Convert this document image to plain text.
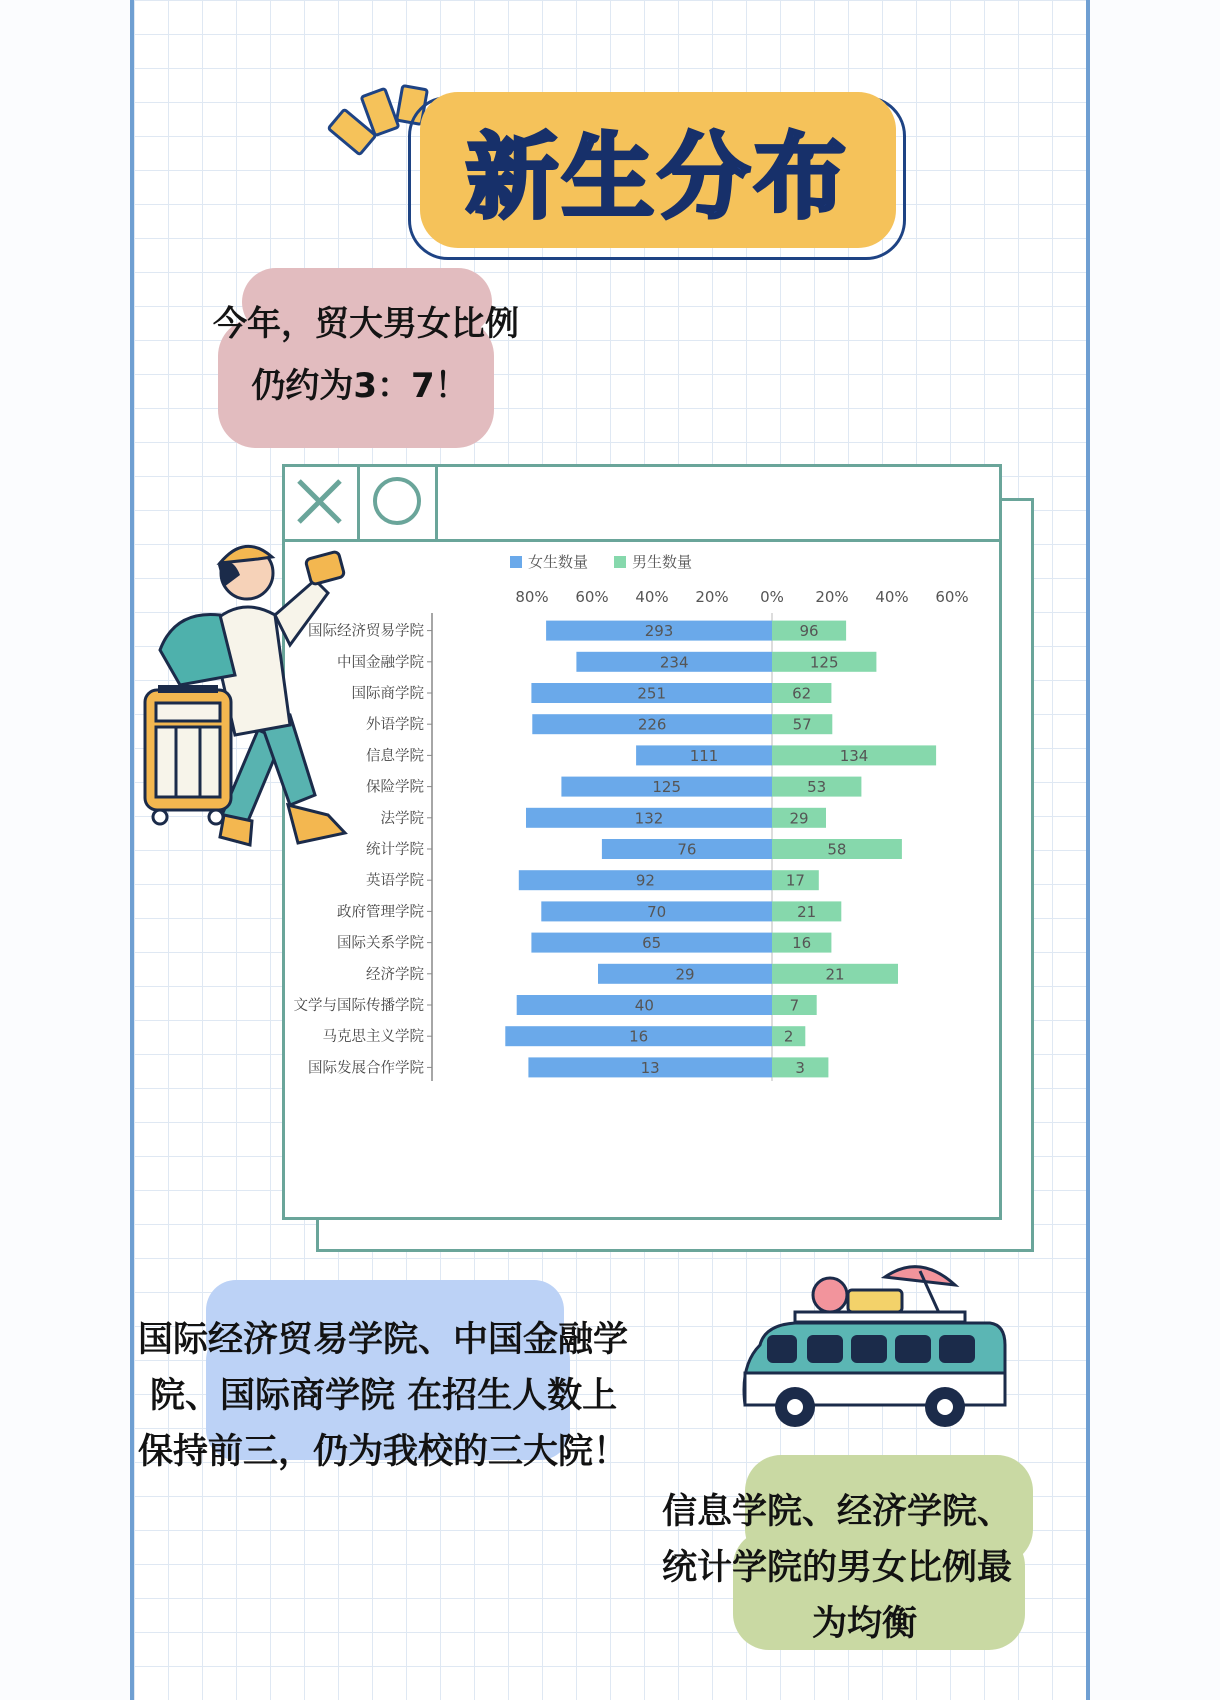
新生分布
今年，贸大男女比例
仍约为3：7！
女生数量	男生数量
80% 60% 40% 20% 0% 20% 40% 60%
国际经济贸易学院	293	96
中国金融学院	234	125
国际商学院	251	62
外语学院	226	57
信息学院	111	134
保险学院	125	53
法学院	132	29
统计学院	76	58
英语学院	92	17
政府管理学院	70	21
国际关系学院	65	16
经济学院	29	21
文学与国际传播学院	40	7
马克思主义学院	16	2
国际发展合作学院	13	3
国际经济贸易学院、中国金融学
院、国际商学院 在招生人数上
保持前三，仍为我校的三大院！
信息学院、经济学院、
统计学院的男女比例最
为均衡
